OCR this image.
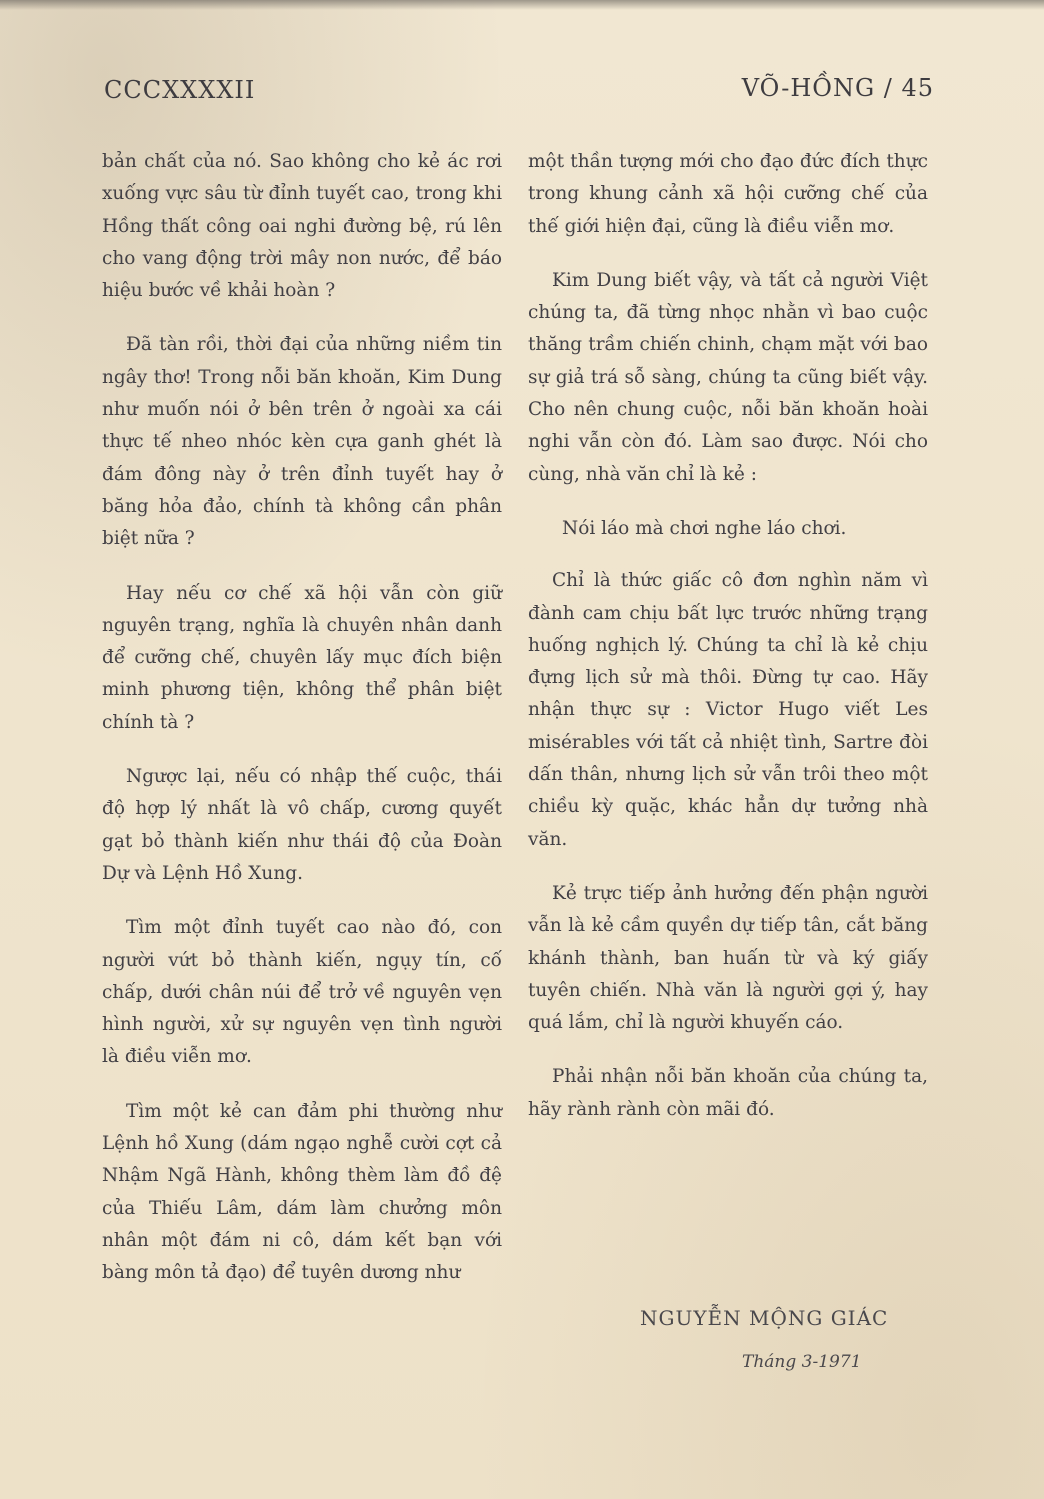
CCCXXXXII	VÕ-HỒNG / 45

bản chất của nó. Sao không cho kẻ ác rơi xuống vực sâu từ đỉnh tuyết cao, trong khi Hồng thất công oai nghi đường bệ, rú lên cho vang động trời mây non nước, để báo hiệu bước về khải hoàn ?

Đã tàn rồi, thời đại của những niềm tin ngây thơ! Trong nỗi băn khoăn, Kim Dung như muốn nói ở bên trên ở ngoài xa cái thực tế nheo nhóc kèn cựa ganh ghét là đám đông này ở trên đỉnh tuyết hay ở băng hỏa đảo, chính tà không cần phân biệt nữa ?

Hay nếu cơ chế xã hội vẫn còn giữ nguyên trạng, nghĩa là chuyên nhân danh để cưỡng chế, chuyên lấy mục đích biện minh phương tiện, không thể phân biệt chính tà ?

Ngược lại, nếu có nhập thế cuộc, thái độ hợp lý nhất là vô chấp, cương quyết gạt bỏ thành kiến như thái độ của Đoàn Dự và Lệnh Hồ Xung.

Tìm một đỉnh tuyết cao nào đó, con người vứt bỏ thành kiến, ngụy tín, cố chấp, dưới chân núi để trở về nguyên vẹn hình người, xử sự nguyên vẹn tình người là điều viễn mơ.

Tìm một kẻ can đảm phi thường như Lệnh hồ Xung (dám ngạo nghễ cười cợt cả Nhậm Ngã Hành, không thèm làm đồ đệ của Thiếu Lâm, dám làm chưởng môn nhân một đám ni cô, dám kết bạn với bàng môn tả đạo) để tuyên dương như

một thần tượng mới cho đạo đức đích thực trong khung cảnh xã hội cưỡng chế của thế giới hiện đại, cũng là điều viễn mơ.

Kim Dung biết vậy, và tất cả người Việt chúng ta, đã từng nhọc nhằn vì bao cuộc thăng trầm chiến chinh, chạm mặt với bao sự giả trá sỗ sàng, chúng ta cũng biết vậy. Cho nên chung cuộc, nỗi băn khoăn hoài nghi vẫn còn đó. Làm sao được. Nói cho cùng, nhà văn chỉ là kẻ :

Nói láo mà chơi nghe láo chơi.

Chỉ là thức giấc cô đơn nghìn năm vì đành cam chịu bất lực trước những trạng huống nghịch lý. Chúng ta chỉ là kẻ chịu đựng lịch sử mà thôi. Đừng tự cao. Hãy nhận thực sự : Victor Hugo viết Les misérables với tất cả nhiệt tình, Sartre đòi dấn thân, nhưng lịch sử vẫn trôi theo một chiều kỳ quặc, khác hẳn dự tưởng nhà văn.

Kẻ trực tiếp ảnh hưởng đến phận người vẫn là kẻ cầm quyền dự tiếp tân, cắt băng khánh thành, ban huấn từ và ký giấy tuyên chiến. Nhà văn là người gợi ý, hay quá lắm, chỉ là người khuyến cáo.

Phải nhận nỗi băn khoăn của chúng ta, hãy rành rành còn mãi đó.

NGUYỄN MỘNG GIÁC
Tháng 3-1971
